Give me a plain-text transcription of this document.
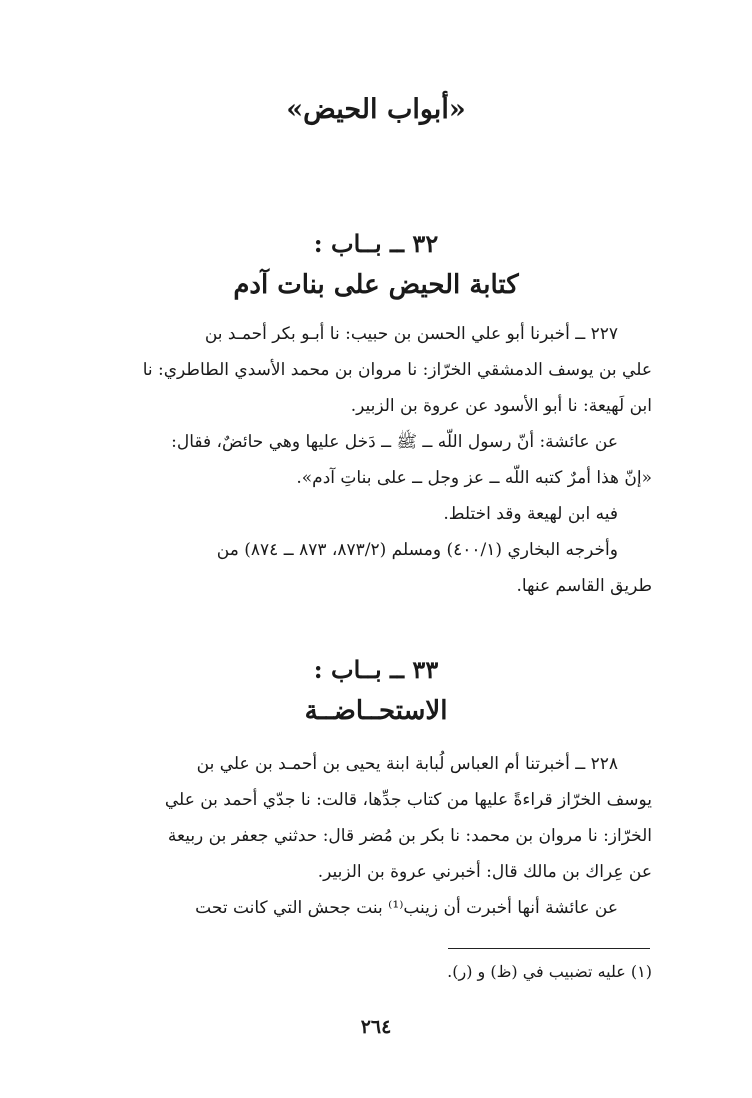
«أبواب الحيض»
٣٢ ــ بــاب :
كتابة الحيض على بنات آدم
٢٢٧ ــ أخبرنا أبو علي الحسن بن حبيب: نا أبـو بكر أحمـد بن
علي بن يوسف الدمشقي الخرّاز: نا مروان بن محمد الأسدي الطاطري: نا
ابن لَهيعة: نا أبو الأسود عن عروة بن الزبير.
عن عائشة: أنّ رسول اللّه ــ ﷺ ــ دَخل عليها وهي حائضٌ، فقال:
«إنّ هذا أمرٌ كتبه اللّه ــ عز وجل ــ على بناتِ آدم».
فيه ابن لهيعة وقد اختلط.
وأخرجه البخاري (٤٠٠/١) ومسلم (٨٧٣/٢، ٨٧٣ ــ ٨٧٤) من
طريق القاسم عنها.
٣٣ ــ بــاب :
الاستحــاضــة
٢٢٨ ــ أخبرتنا أم العباس لُبابة ابنة يحيى بن أحمـد بن علي بن
يوسف الخرّاز قراءةً عليها من كتاب جدِّها، قالت: نا جدّي أحمد بن علي
الخرّاز: نا مروان بن محمد: نا بكر بن مُضر قال: حدثني جعفر بن ربيعة
عن عِراك بن مالك قال: أخبرني عروة بن الزبير.
عن عائشة أنها أخبرت أن زينب⁽¹⁾ بنت جحش التي كانت تحت
(١) عليه تضبيب في (ظ) و (ر).
٢٦٤
